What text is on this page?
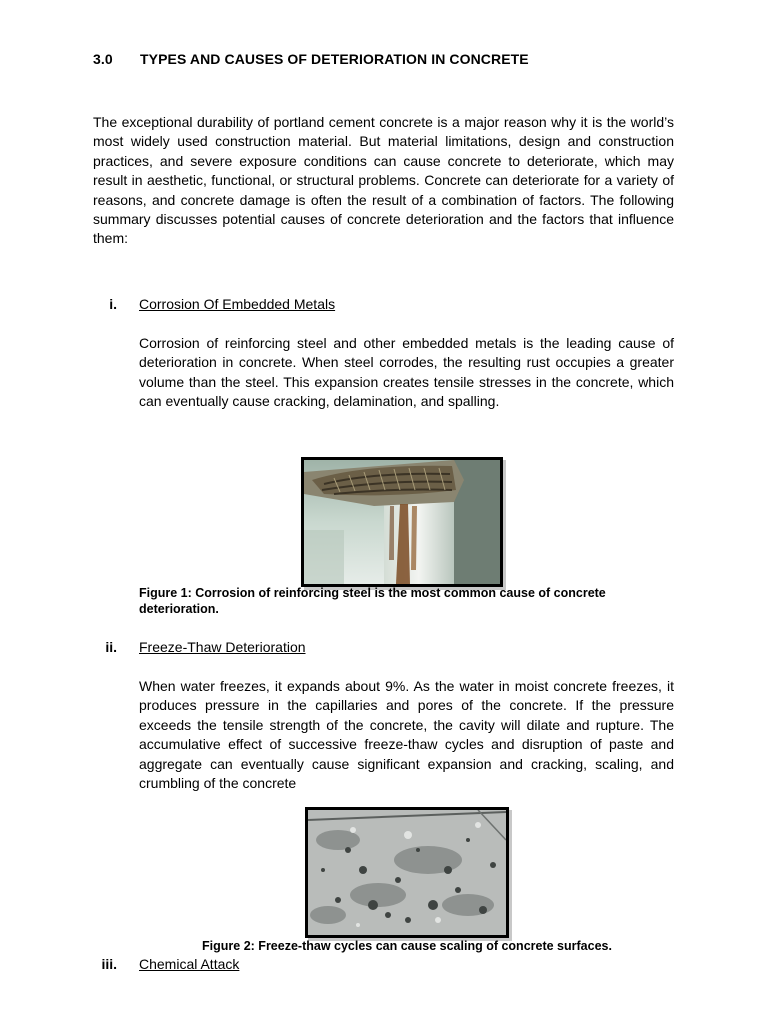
3.0 TYPES AND CAUSES OF DETERIORATION IN CONCRETE

The exceptional durability of portland cement concrete is a major reason why it is the world’s most widely used construction material. But material limitations, design and construction practices, and severe exposure conditions can cause concrete to deteriorate, which may result in aesthetic, functional, or structural problems. Concrete can deteriorate for a variety of reasons, and concrete damage is often the result of a combination of factors. The following summary discusses potential causes of concrete deterioration and the factors that influence them:

i. Corrosion Of Embedded Metals

Corrosion of reinforcing steel and other embedded metals is the leading cause of deterioration in concrete. When steel corrodes, the resulting rust occupies a greater volume than the steel. This expansion creates tensile stresses in the concrete, which can eventually cause cracking, delamination, and spalling.

Figure 1: Corrosion of reinforcing steel is the most common cause of concrete deterioration.
ii. Freeze-Thaw Deterioration

When water freezes, it expands about 9%. As the water in moist concrete freezes, it produces pressure in the capillaries and pores of the concrete. If the pressure exceeds the tensile strength of the concrete, the cavity will dilate and rupture. The accumulative effect of successive freeze-thaw cycles and disruption of paste and aggregate can eventually cause significant expansion and cracking, scaling, and crumbling of the concrete

Figure 2: Freeze-thaw cycles can cause scaling of concrete surfaces.
iii. Chemical Attack
